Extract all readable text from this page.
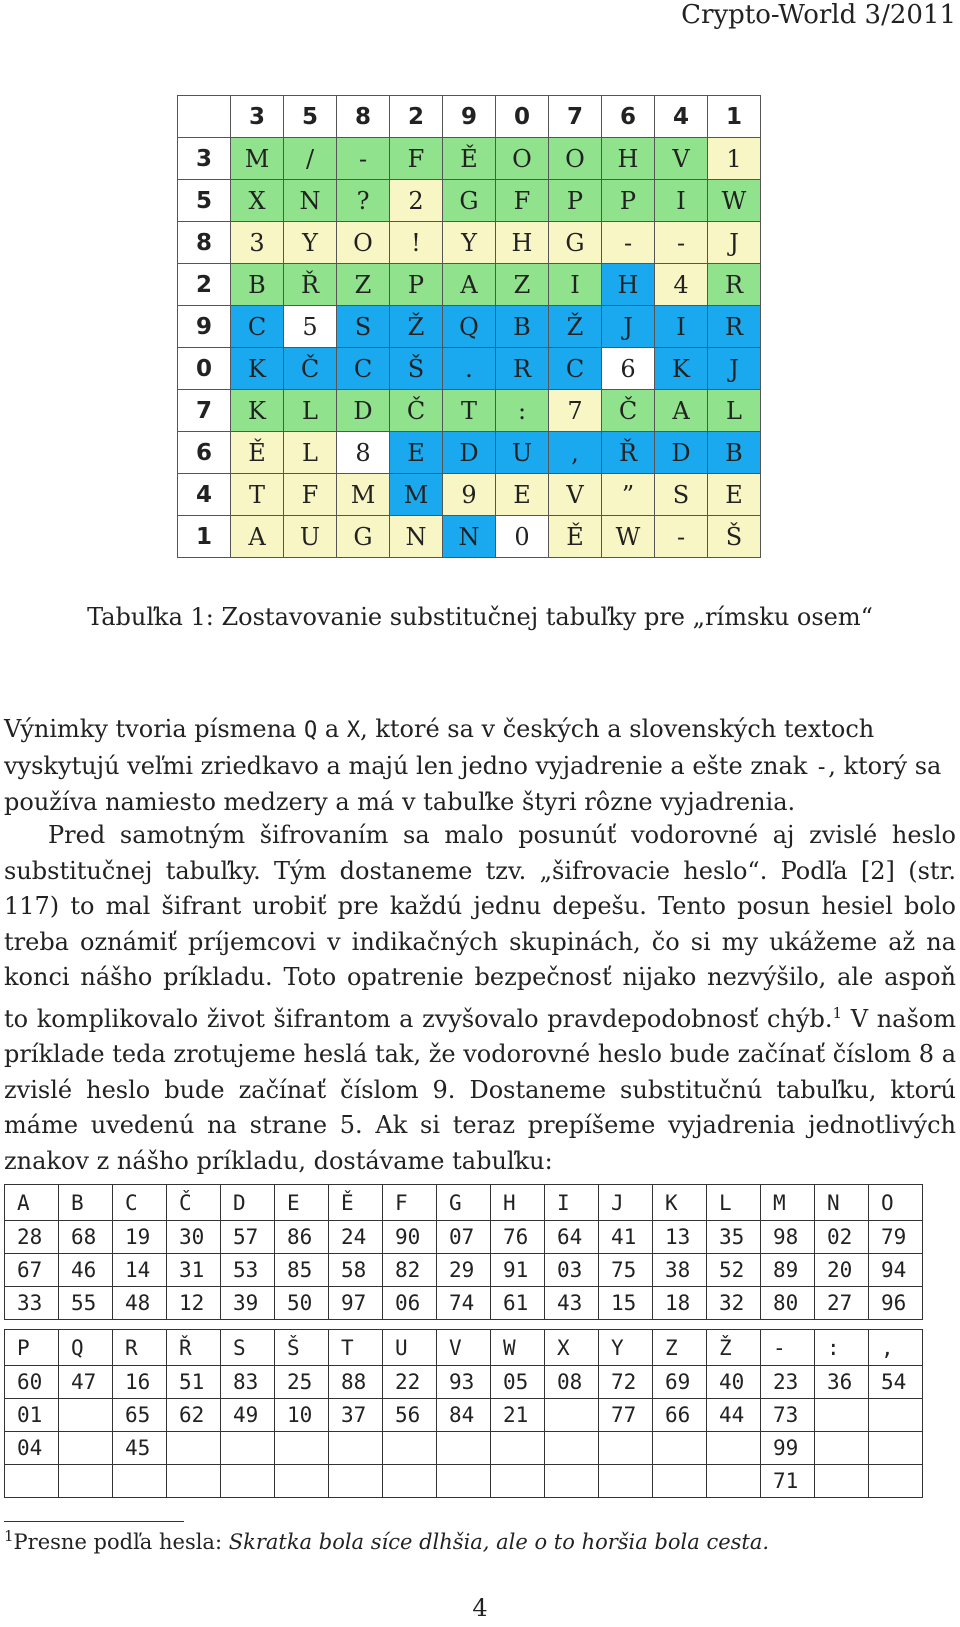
Crypto-World 3/2011
	3	5	8	2	9	0	7	6	4	1
3	M	/	-	F	Ě	O	O	H	V	1
5	X	N	?	2	G	F	P	P	I	W
8	3	Y	O	!	Y	H	G	-	-	J
2	B	Ř	Z	P	A	Z	I	H	4	R
9	C	5	S	Ž	Q	B	Ž	J	I	R
0	K	Č	C	Š	.	R	C	6	K	J
7	K	L	D	Č	T	:	7	Č	A	L
6	Ě	L	8	E	D	U	,	Ř	D	B
4	T	F	M	M	9	E	V	”	S	E
1	A	U	G	N	N	0	Ě	W	-	Š
Tabuľka 1: Zostavovanie substitučnej tabuľky pre „rímsku osem“
Výnimky tvoria písmena Q a X, ktoré sa v českých a slovenských textoch vyskytujú veľmi zriedkavo a majú len jedno vyjadrenie a ešte znak -, ktorý sa používa namiesto medzery a má v tabuľke štyri rôzne vyjadrenia.
Pred samotným šifrovaním sa malo posunúť vodorovné aj zvislé heslo substitučnej tabuľky. Tým dostaneme tzv. „šifrovacie heslo“. Podľa [2] (str. 117) to mal šifrant urobiť pre každú jednu depešu. Tento posun hesiel bolo treba oznámiť príjemcovi v indikačných skupinách, čo si my ukážeme až na konci nášho príkladu. Toto opatrenie bezpečnosť nijako nezvýšilo, ale aspoň to komplikovalo život šifrantom a zvyšovalo pravdepodobnosť chýb.$^1$ V našom príklade teda zrotujeme heslá tak, že vodorovné heslo bude začínať číslom 8 a zvislé heslo bude začínať číslom 9. Dostaneme substitučnú tabuľku, ktorú máme uvedenú na strane 5. Ak si teraz prepíšeme vyjadrenia jednotlivých znakov z nášho príkladu, dostávame tabuľku:
A	B	C	Č	D	E	Ě	F	G	H	I	J	K	L	M	N	O
28	68	19	30	57	86	24	90	07	76	64	41	13	35	98	02	79
67	46	14	31	53	85	58	82	29	91	03	75	38	52	89	20	94
33	55	48	12	39	50	97	06	74	61	43	15	18	32	80	27	96
P	Q	R	Ř	S	Š	T	U	V	W	X	Y	Z	Ž	-	:	,
60	47	16	51	83	25	88	22	93	05	08	72	69	40	23	36	54
01		65	62	49	10	37	56	84	21		77	66	44	73		
04		45												99		
														71		
$^1$Presne podľa hesla: Skratka bola síce dlhšia, ale o to horšia bola cesta.
4
